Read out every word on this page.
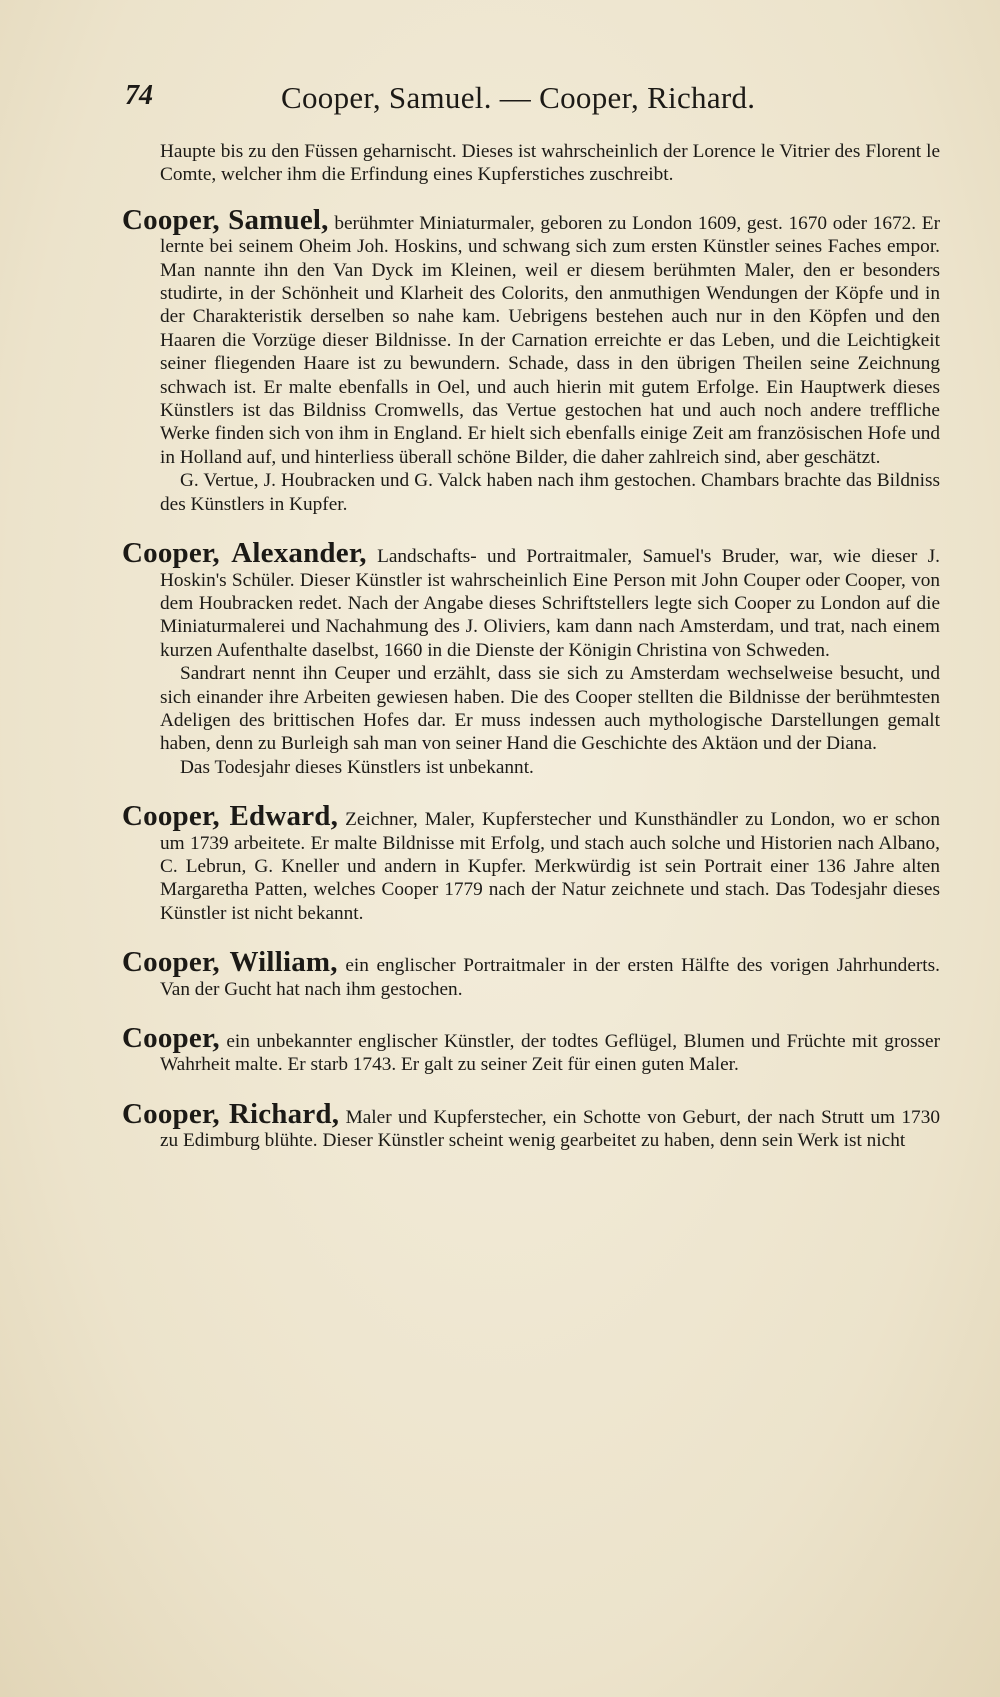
74	Cooper, Samuel. — Cooper, Richard.

Haupte bis zu den Füssen geharnischt. Dieses ist wahrscheinlich der Lorence le Vitrier des Florent le Comte, welcher ihm die Erfindung eines Kupferstiches zuschreibt.

Cooper, Samuel, berühmter Miniaturmaler, geboren zu London 1609, gest. 1670 oder 1672. Er lernte bei seinem Oheim Joh. Hoskins, und schwang sich zum ersten Künstler seines Faches empor. Man nannte ihn den Van Dyck im Kleinen, weil er diesem berühmten Maler, den er besonders studirte, in der Schönheit und Klarheit des Colorits, den anmuthigen Wendungen der Köpfe und in der Charakteristik derselben so nahe kam. Uebrigens bestehen auch nur in den Köpfen und den Haaren die Vorzüge dieser Bildnisse. In der Carnation erreichte er das Leben, und die Leichtigkeit seiner fliegenden Haare ist zu bewundern. Schade, dass in den übrigen Theilen seine Zeichnung schwach ist. Er malte ebenfalls in Oel, und auch hierin mit gutem Erfolge. Ein Hauptwerk dieses Künstlers ist das Bildniss Cromwells, das Vertue gestochen hat und auch noch andere treffliche Werke finden sich von ihm in England. Er hielt sich ebenfalls einige Zeit am französischen Hofe und in Holland auf, und hinterliess überall schöne Bilder, die daher zahlreich sind, aber geschätzt.

G. Vertue, J. Houbracken und G. Valck haben nach ihm gestochen. Chambars brachte das Bildniss des Künstlers in Kupfer.

Cooper, Alexander, Landschafts- und Portraitmaler, Samuel's Bruder, war, wie dieser J. Hoskin's Schüler. Dieser Künstler ist wahrscheinlich Eine Person mit John Couper oder Cooper, von dem Houbracken redet. Nach der Angabe dieses Schriftstellers legte sich Cooper zu London auf die Miniaturmalerei und Nachahmung des J. Oliviers, kam dann nach Amsterdam, und trat, nach einem kurzen Aufenthalte daselbst, 1660 in die Dienste der Königin Christina von Schweden.

Sandrart nennt ihn Ceuper und erzählt, dass sie sich zu Amsterdam wechselweise besucht, und sich einander ihre Arbeiten gewiesen haben. Die des Cooper stellten die Bildnisse der berühmtesten Adeligen des brittischen Hofes dar. Er muss indessen auch mythologische Darstellungen gemalt haben, denn zu Burleigh sah man von seiner Hand die Geschichte des Aktäon und der Diana.

Das Todesjahr dieses Künstlers ist unbekannt.

Cooper, Edward, Zeichner, Maler, Kupferstecher und Kunsthändler zu London, wo er schon um 1739 arbeitete. Er malte Bildnisse mit Erfolg, und stach auch solche und Historien nach Albano, C. Lebrun, G. Kneller und andern in Kupfer. Merkwürdig ist sein Portrait einer 136 Jahre alten Margaretha Patten, welches Cooper 1779 nach der Natur zeichnete und stach. Das Todesjahr dieses Künstler ist nicht bekannt.

Cooper, William, ein englischer Portraitmaler in der ersten Hälfte des vorigen Jahrhunderts. Van der Gucht hat nach ihm gestochen.

Cooper, ein unbekannter englischer Künstler, der todtes Geflügel, Blumen und Früchte mit grosser Wahrheit malte. Er starb 1743. Er galt zu seiner Zeit für einen guten Maler.

Cooper, Richard, Maler und Kupferstecher, ein Schotte von Geburt, der nach Strutt um 1730 zu Edimburg blühte. Dieser Künstler scheint wenig gearbeitet zu haben, denn sein Werk ist nicht
